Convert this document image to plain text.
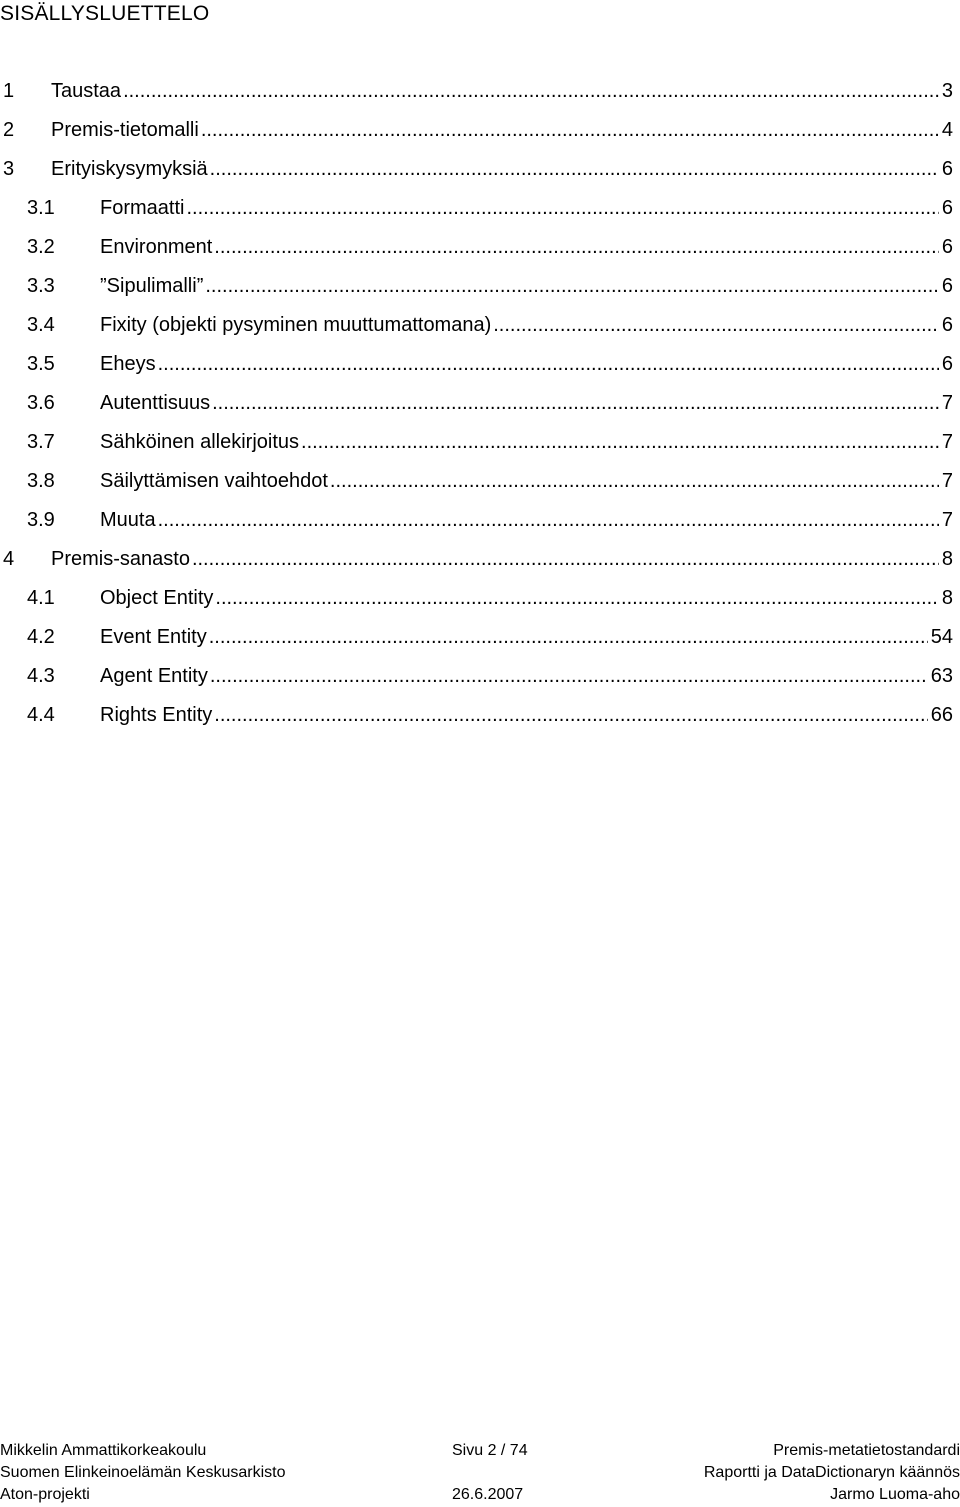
SISÄLLYSLUETTELO
1 Taustaa .....	3
2 Premis-tietomalli .....	4
3 Erityiskysymyksiä .....	6
3.1 Formaatti .....	6
3.2 Environment .....	6
3.3 ”Sipulimalli” .....	6
3.4 Fixity (objekti pysyminen muuttumattomana) .....	6
3.5 Eheys .....	6
3.6 Autenttisuus .....	7
3.7 Sähköinen allekirjoitus .....	7
3.8 Säilyttämisen vaihtoehdot .....	7
3.9 Muuta .....	7
4 Premis-sanasto .....	8
4.1 Object Entity .....	8
4.2 Event Entity .....	54
4.3 Agent Entity .....	63
4.4 Rights Entity .....	66
Mikkelin Ammattikorkeakoulu	Sivu 2 / 74	Premis-metatietostandardi
Suomen Elinkeinoelämän Keskusarkisto	Raportti ja DataDictionaryn käännös
Aton-projekti	26.6.2007	Jarmo Luoma-aho
